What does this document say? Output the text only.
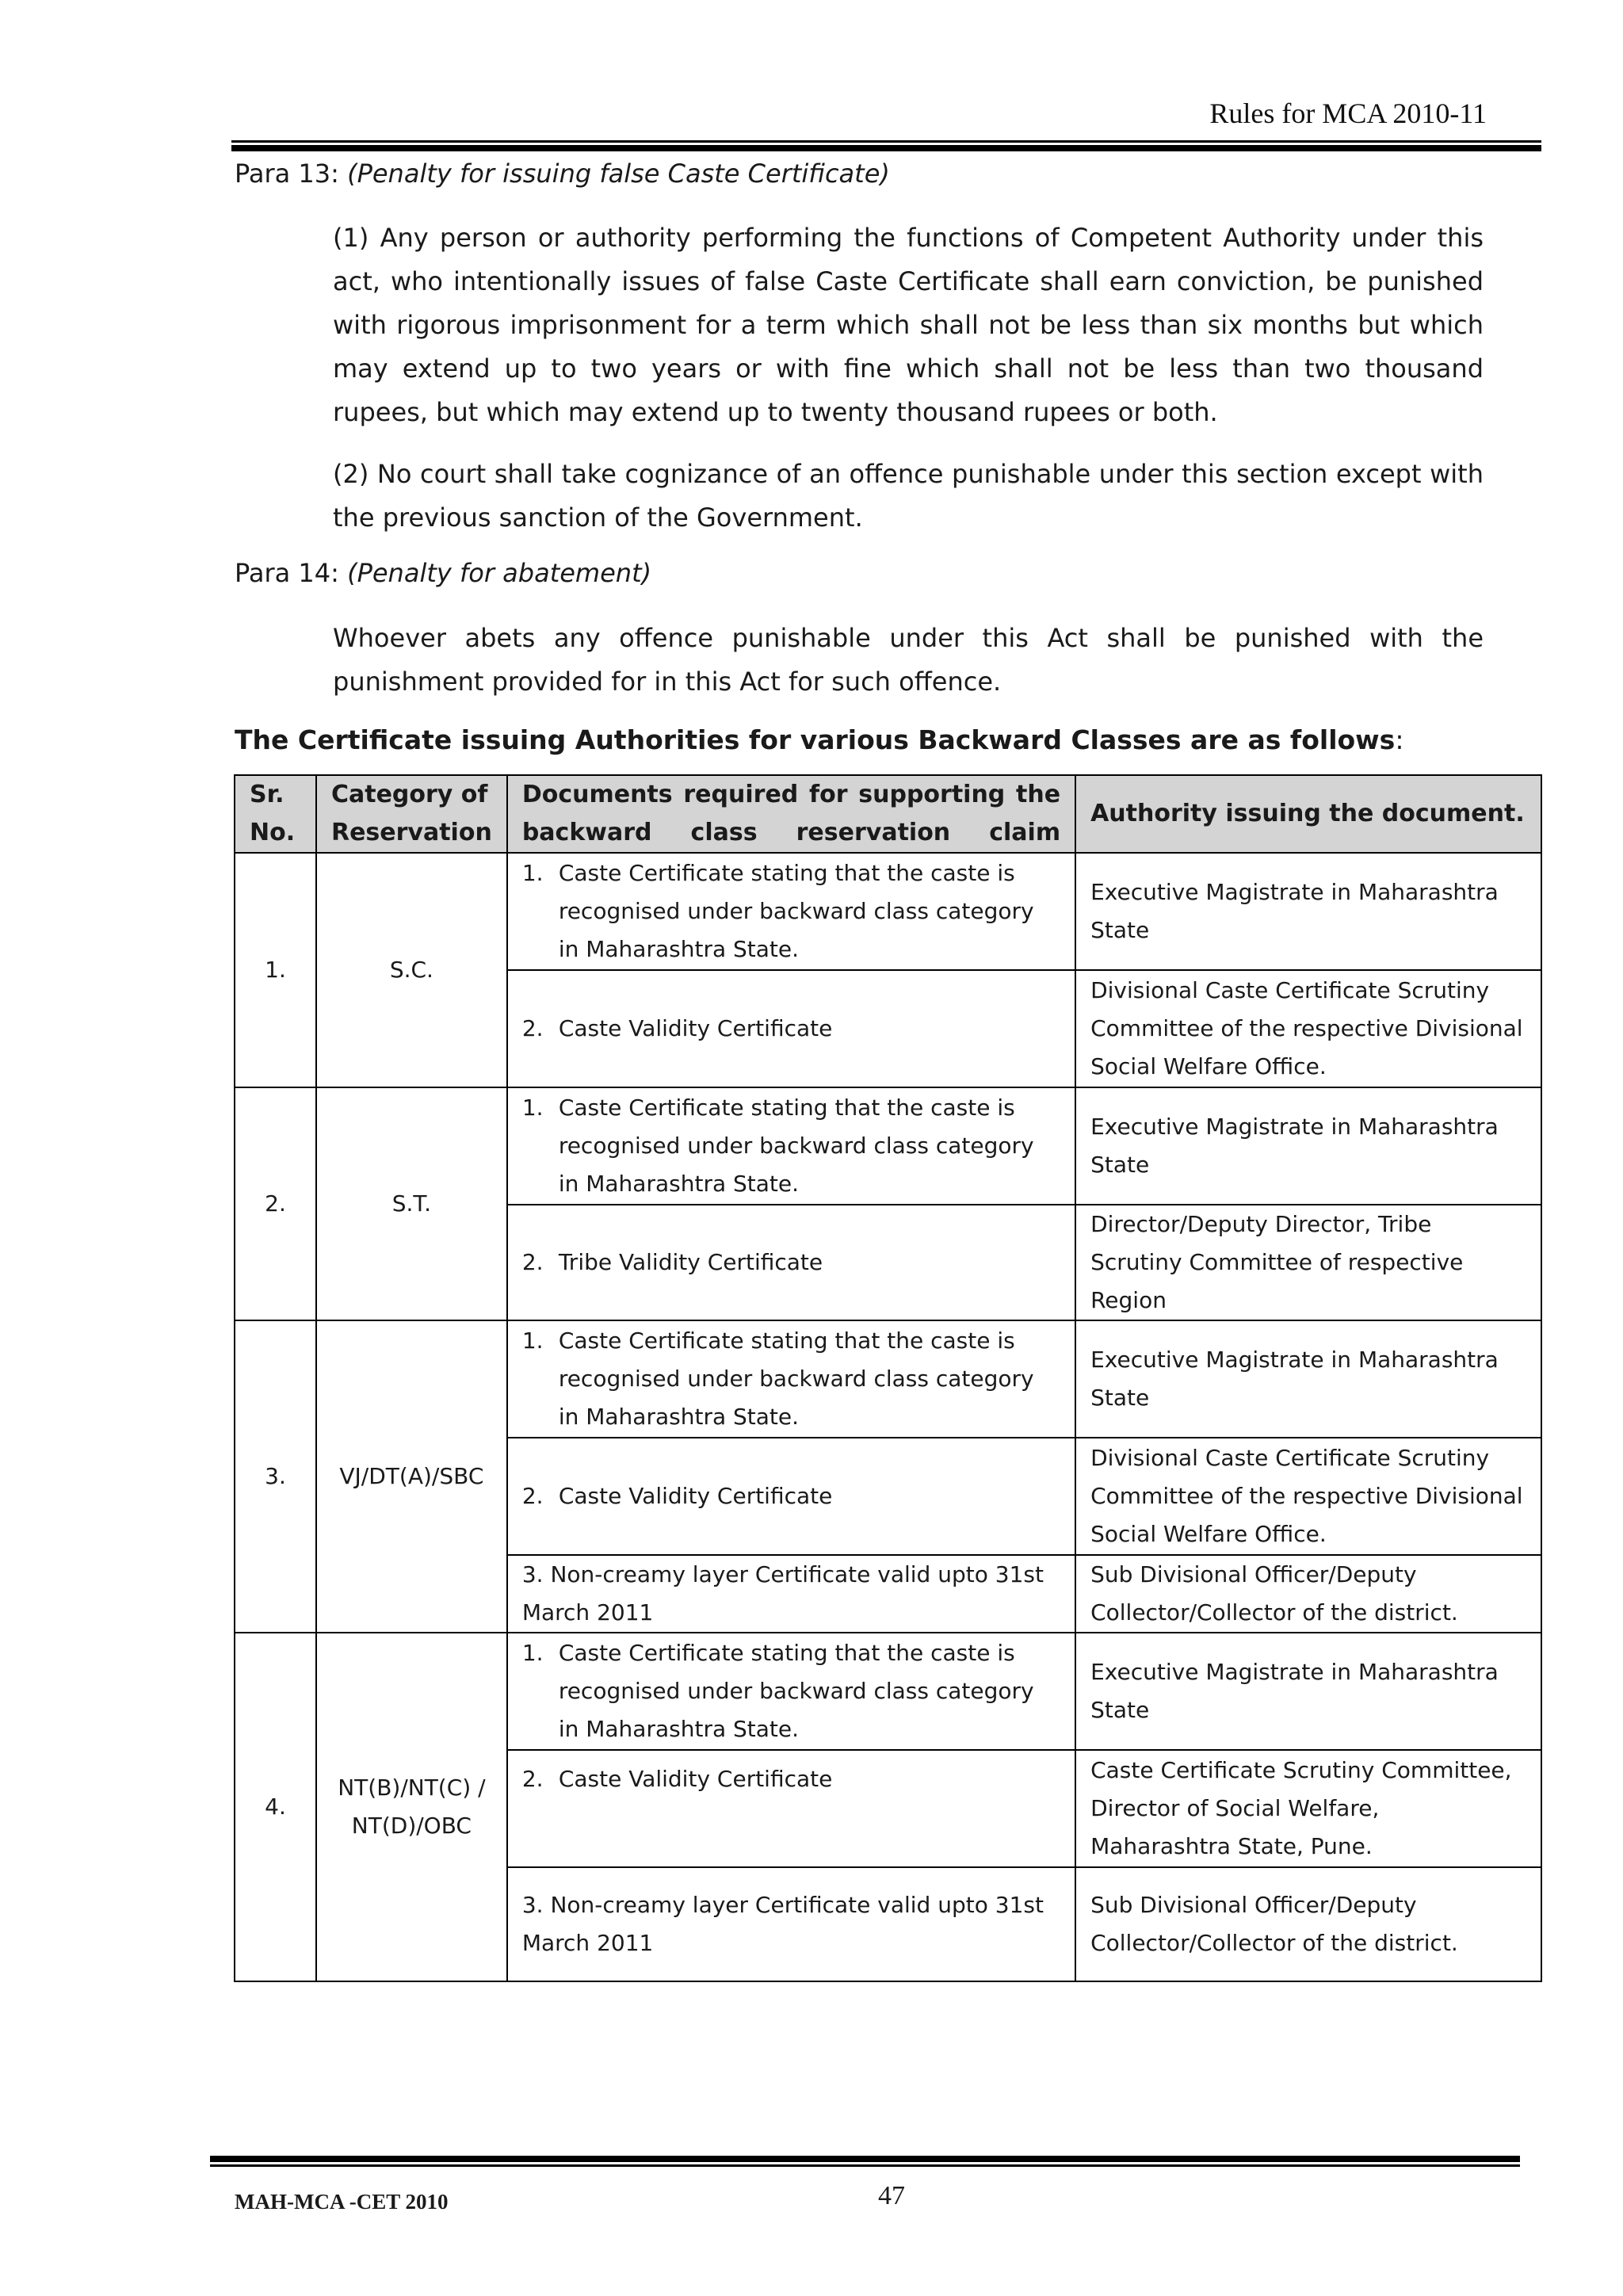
Rules for MCA 2010-11
Para 13: (Penalty for issuing false Caste Certificate)

(1) Any person or authority performing the functions of Competent Authority under this act, who intentionally issues of false Caste Certificate shall earn conviction, be punished with rigorous imprisonment for a term which shall not be less than six months but which may extend up to two years or with fine which shall not be less than two thousand rupees, but which may extend up to twenty thousand rupees or both.

(2) No court shall take cognizance of an offence punishable under this section except with the previous sanction of the Government.

Para 14: (Penalty for abatement)

Whoever abets any offence punishable under this Act shall be punished with the punishment provided for in this Act for such offence.

The Certificate issuing Authorities for various Backward Classes are as follows:
Sr. No.	Category of Reservation	Documents required for supporting the backward class reservation claim	Authority issuing the document.
1.	S.C.	1. Caste Certificate stating that the caste is recognised under backward class category in Maharashtra State.	Executive Magistrate in Maharashtra State

		2. Caste Validity Certificate	Divisional Caste Certificate Scrutiny Committee of the respective Divisional Social Welfare Office.
2.	S.T.	1. Caste Certificate stating that the caste is recognised under backward class category in Maharashtra State.	Executive Magistrate in Maharashtra State

		2. Tribe Validity Certificate	Director/Deputy Director, Tribe Scrutiny Committee of respective Region
3.	VJ/DT(A)/SBC	1. Caste Certificate stating that the caste is recognised under backward class category in Maharashtra State.	Executive Magistrate in Maharashtra State

		2. Caste Validity Certificate	Divisional Caste Certificate Scrutiny Committee of the respective Divisional Social Welfare Office.

		3. Non-creamy layer Certificate valid upto 31st March 2011	Sub Divisional Officer/Deputy Collector/Collector of the district.
4.	NT(B)/NT(C) / NT(D)/OBC	1. Caste Certificate stating that the caste is recognised under backward class category in Maharashtra State.	Executive Magistrate in Maharashtra State

		2. Caste Validity Certificate	Caste Certificate Scrutiny Committee, Director of Social Welfare, Maharashtra State, Pune.

		3. Non-creamy layer Certificate valid upto 31st March 2011	Sub Divisional Officer/Deputy Collector/Collector of the district.
MAH-MCA -CET 2010	47
